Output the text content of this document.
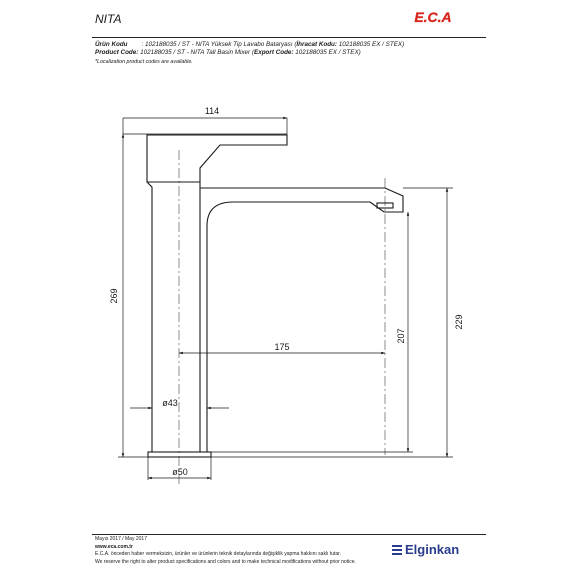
NITA	E.C.A
Ürün Kodu : 102188035 / ST - NITA Yüksek Tip Lavabo Bataryası (İhracat Kodu: 102188035 EX / STEX)
Product Code: 102188035 / ST - NITA Tall Basin Mixer (Export Code: 102188035 EX / STEX)
*Localization product codes are available.
114
269
229
207
175
ø43
ø50
Mayıs 2017 / May 2017
www.eca.com.tr
E.C.A. önceden haber vermeksizin, ürünler ve ürünlerin teknik detaylarında değişiklik yapma hakkını saklı tutar.
We reserve the right to alter product specifications and colors and to make technical modifications without prior notice.
Elginkan
